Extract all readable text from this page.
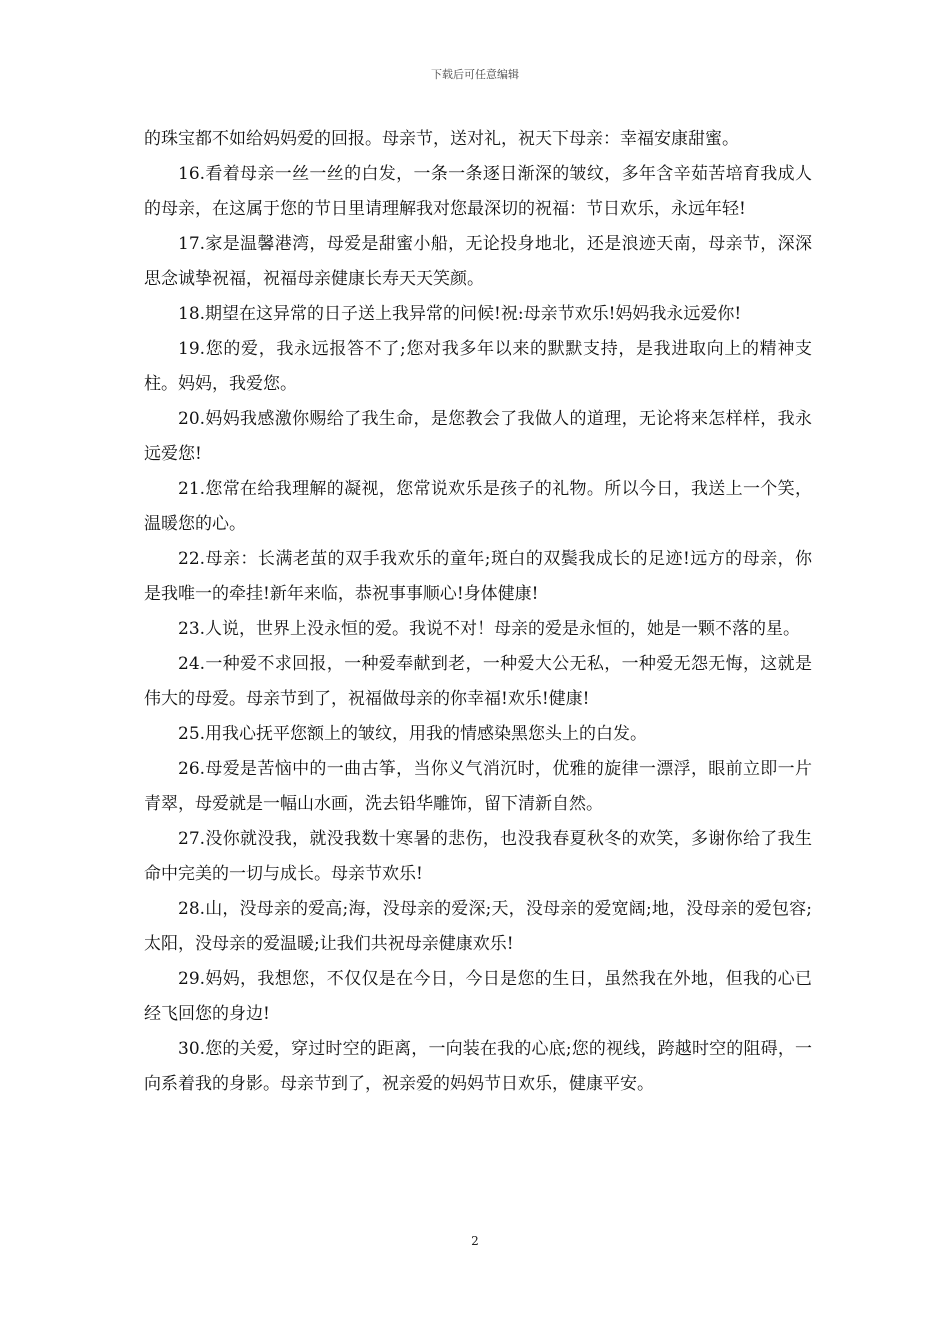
下载后可任意编辑

的珠宝都不如给妈妈爱的回报。母亲节，送对礼，祝天下母亲：幸福安康甜蜜。

16.看着母亲一丝一丝的白发，一条一条逐日渐深的皱纹，多年含辛茹苦培育我成人的母亲，在这属于您的节日里请理解我对您最深切的祝福：节日欢乐，永远年轻!

17.家是温馨港湾，母爱是甜蜜小船，无论投身地北，还是浪迹天南，母亲节，深深思念诚挚祝福，祝福母亲健康长寿天天笑颜。

18.期望在这异常的日子送上我异常的问候!祝:母亲节欢乐!妈妈我永远爱你!

19.您的爱，我永远报答不了;您对我多年以来的默默支持，是我进取向上的精神支柱。妈妈，我爱您。

20.妈妈我感激你赐给了我生命，是您教会了我做人的道理，无论将来怎样样，我永远爱您!

21.您常在给我理解的凝视，您常说欢乐是孩子的礼物。所以今日，我送上一个笑，温暖您的心。

22.母亲：长满老茧的双手我欢乐的童年;斑白的双鬓我成长的足迹!远方的母亲，你是我唯一的牵挂!新年来临，恭祝事事顺心!身体健康!

23.人说，世界上没永恒的爱。我说不对！母亲的爱是永恒的，她是一颗不落的星。

24.一种爱不求回报，一种爱奉献到老，一种爱大公无私，一种爱无怨无悔，这就是伟大的母爱。母亲节到了，祝福做母亲的你幸福!欢乐!健康!

25.用我心抚平您额上的皱纹，用我的情感染黑您头上的白发。

26.母爱是苦恼中的一曲古筝，当你义气消沉时，优雅的旋律一漂浮，眼前立即一片青翠，母爱就是一幅山水画，洗去铅华雕饰，留下清新自然。

27.没你就没我，就没我数十寒暑的悲伤，也没我春夏秋冬的欢笑，多谢你给了我生命中完美的一切与成长。母亲节欢乐!

28.山，没母亲的爱高;海，没母亲的爱深;天，没母亲的爱宽阔;地，没母亲的爱包容;太阳，没母亲的爱温暖;让我们共祝母亲健康欢乐!

29.妈妈，我想您，不仅仅是在今日，今日是您的生日，虽然我在外地，但我的心已经飞回您的身边!

30.您的关爱，穿过时空的距离，一向装在我的心底;您的视线，跨越时空的阻碍，一向系着我的身影。母亲节到了，祝亲爱的妈妈节日欢乐，健康平安。

2
